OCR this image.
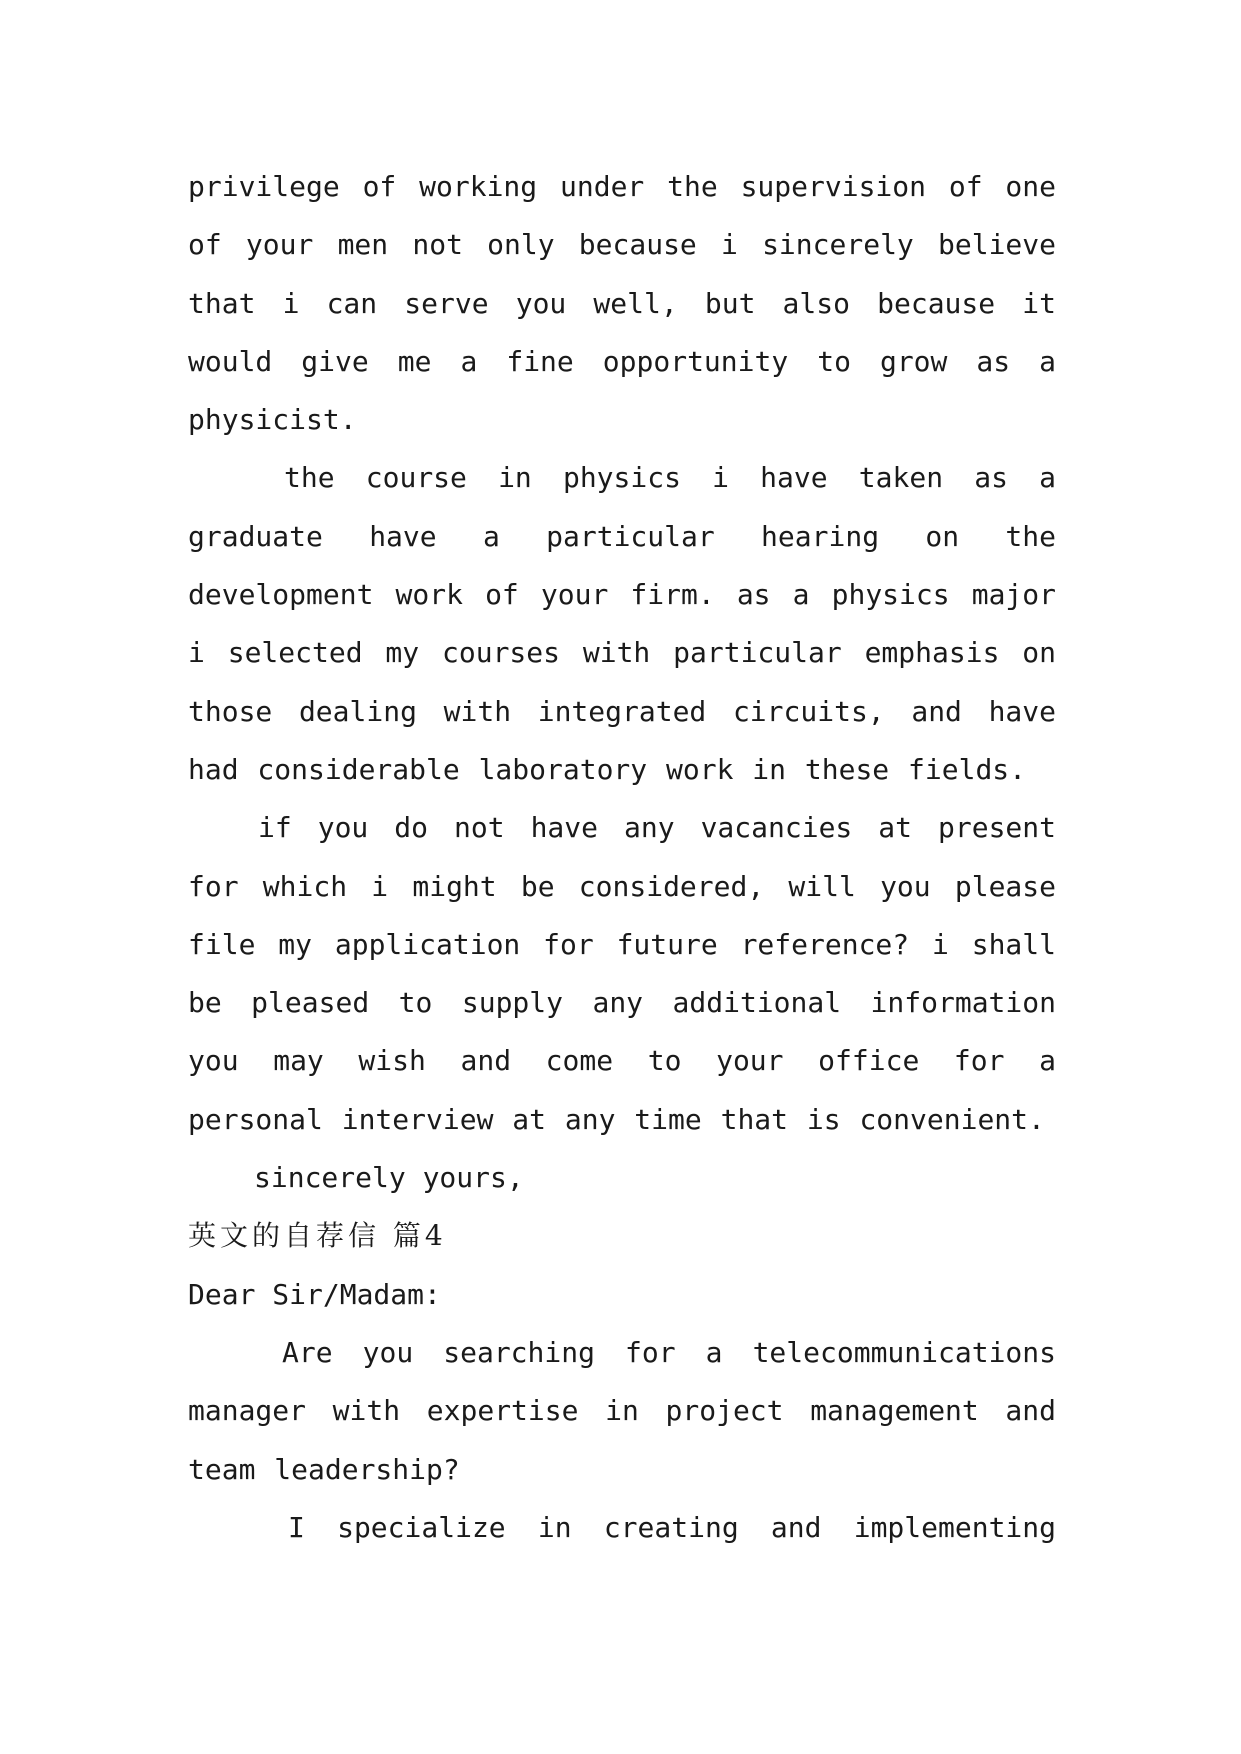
privilege of working under the supervision of one of your men not only because i sincerely believe that i can serve you well, but also because it would give me a fine opportunity to grow as a physicist.

the course in physics i have taken as a graduate have a particular hearing on the development work of your firm. as a physics major i selected my courses with particular emphasis on those dealing with integrated circuits, and have had considerable laboratory work in these fields.

if you do not have any vacancies at present for which i might be considered, will you please file my application for future reference? i shall be pleased to supply any additional information you may wish and come to your office for a personal interview at any time that is convenient.

sincerely yours,

英文的自荐信 篇4

Dear Sir/Madam:

Are you searching for a telecommunications manager with expertise in project management and team leadership?

I specialize in creating and implementing
